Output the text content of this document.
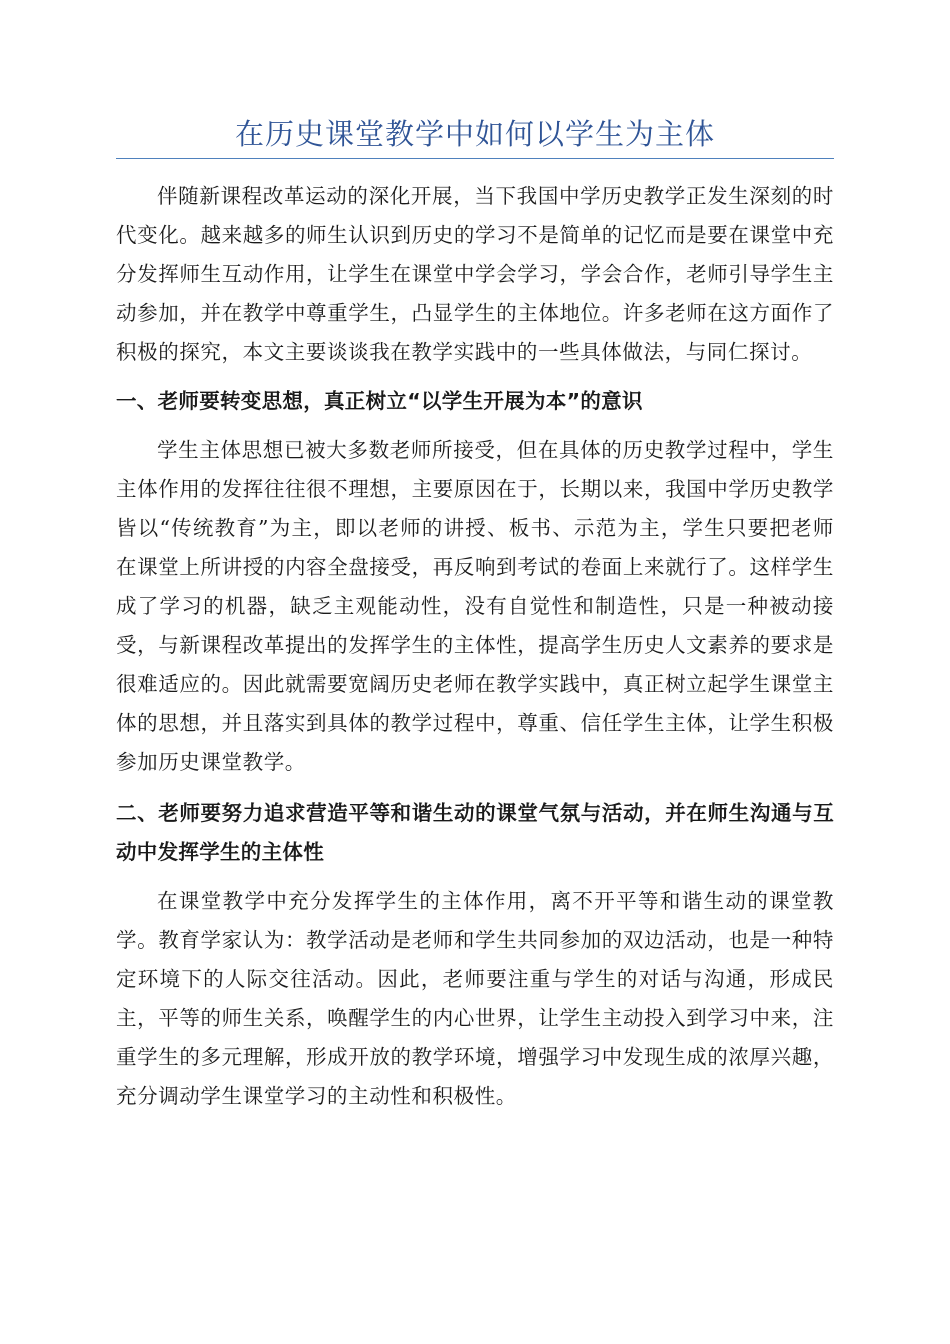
在历史课堂教学中如何以学生为主体

伴随新课程改革运动的深化开展，当下我国中学历史教学正发生深刻的时代变化。越来越多的师生认识到历史的学习不是简单的记忆而是要在课堂中充分发挥师生互动作用，让学生在课堂中学会学习，学会合作，老师引导学生主动参加，并在教学中尊重学生，凸显学生的主体地位。许多老师在这方面作了积极的探究，本文主要谈谈我在教学实践中的一些具体做法，与同仁探讨。

一、老师要转变思想，真正树立“以学生开展为本”的意识

学生主体思想已被大多数老师所接受，但在具体的历史教学过程中，学生主体作用的发挥往往很不理想，主要原因在于，长期以来，我国中学历史教学皆以“传统教育”为主，即以老师的讲授、板书、示范为主，学生只要把老师在课堂上所讲授的内容全盘接受，再反响到考试的卷面上来就行了。这样学生成了学习的机器，缺乏主观能动性，没有自觉性和制造性，只是一种被动接受，与新课程改革提出的发挥学生的主体性，提高学生历史人文素养的要求是很难适应的。因此就需要宽阔历史老师在教学实践中，真正树立起学生课堂主体的思想，并且落实到具体的教学过程中，尊重、信任学生主体，让学生积极参加历史课堂教学。

二、老师要努力追求营造平等和谐生动的课堂气氛与活动，并在师生沟通与互动中发挥学生的主体性

在课堂教学中充分发挥学生的主体作用，离不开平等和谐生动的课堂教学。教育学家认为：教学活动是老师和学生共同参加的双边活动，也是一种特定环境下的人际交往活动。因此，老师要注重与学生的对话与沟通，形成民主，平等的师生关系，唤醒学生的内心世界，让学生主动投入到学习中来，注重学生的多元理解，形成开放的教学环境，增强学习中发现生成的浓厚兴趣，充分调动学生课堂学习的主动性和积极性。
